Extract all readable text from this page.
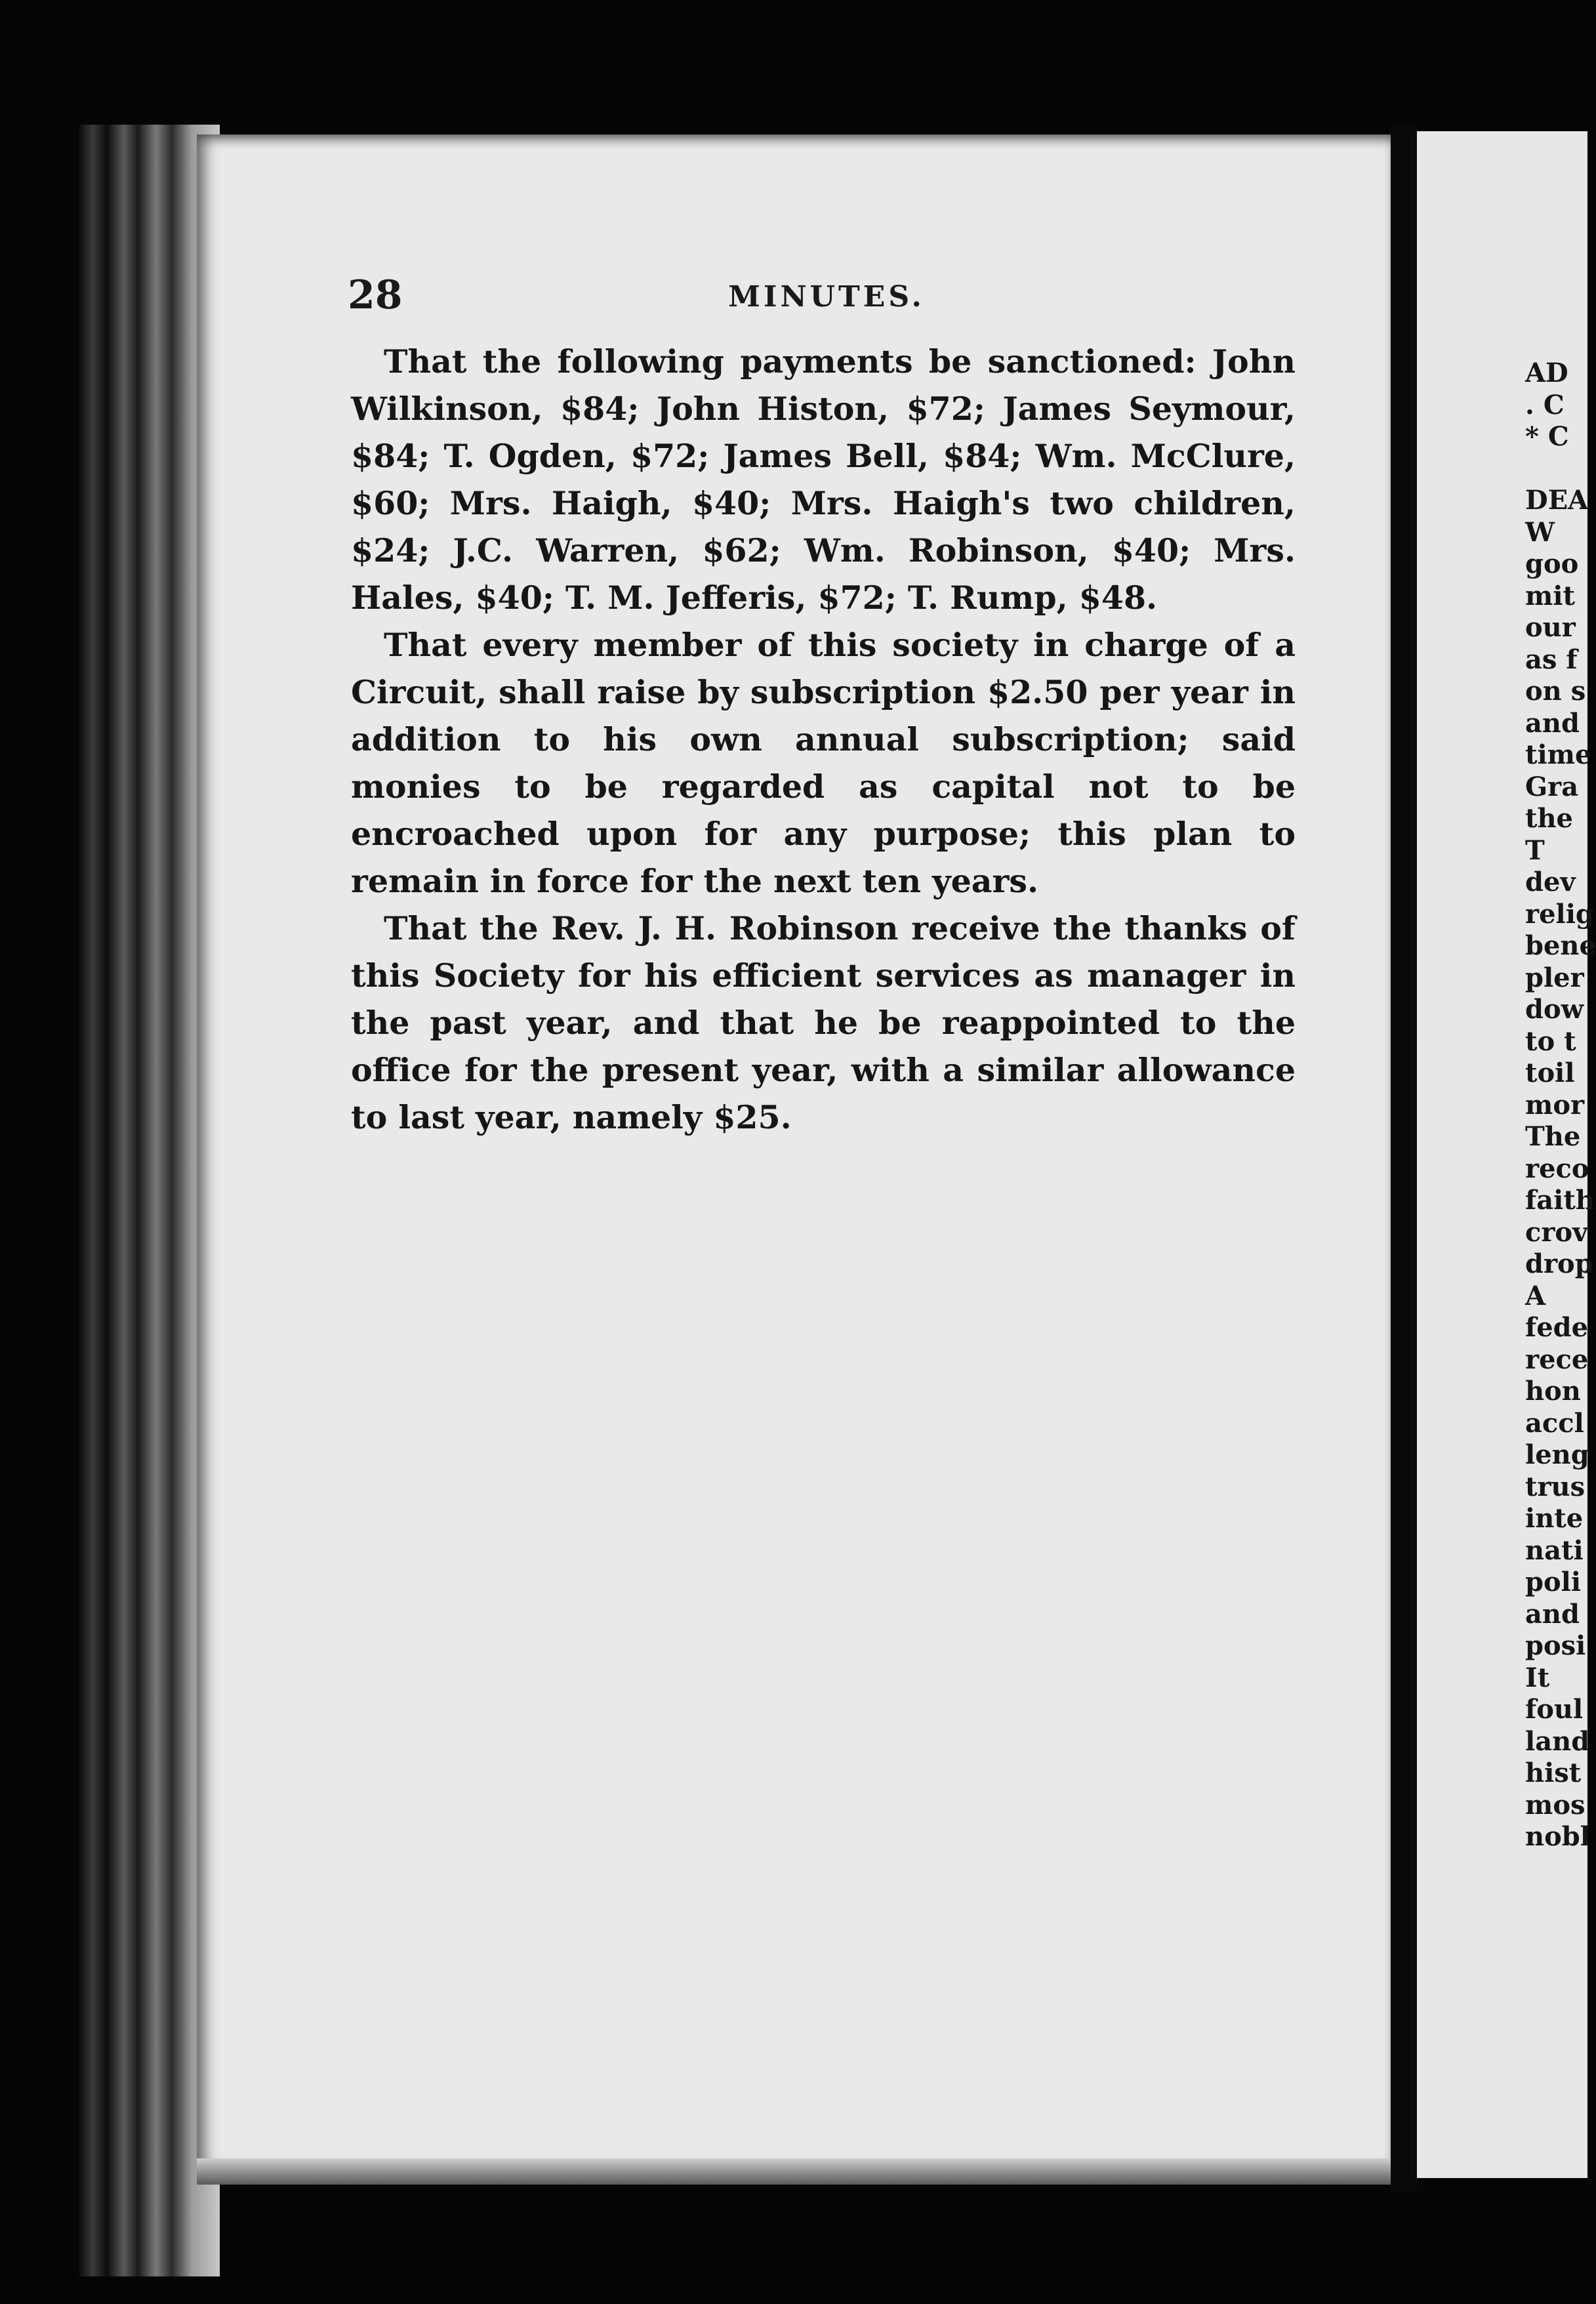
28	MINUTES.

That the following payments be sanctioned: John Wilkinson, $84; John Histon, $72; James Seymour, $84; T. Ogden, $72; James Bell, $84; Wm. McClure, $60; Mrs. Haigh, $40; Mrs. Haigh's two children, $24; J.C. Warren, $62; Wm. Robinson, $40; Mrs. Hales, $40; T. M. Jefferis, $72; T. Rump, $48.

That every member of this society in charge of a Circuit, shall raise by subscription $2.50 per year in addition to his own annual subscription; said monies to be regarded as capital not to be encroached upon for any purpose; this plan to remain in force for the next ten years.

That the Rev. J. H. Robinson receive the thanks of this Society for his efficient services as manager in the past year, and that he be reappointed to the office for the present year, with a similar allowance to last year, namely $25.

AD
. C
* C
DEA
W
goo
mit
our
as f
on s
and
time
Gra
the
T
dev
relig
bene
pler
dow
to t
toil
mor
The
reco
faith
crov
drop
A
fede
rece
hon
accl
leng
trus
inte
nati
poli
and
posi
It
foul
land
hist
mos
nobl
